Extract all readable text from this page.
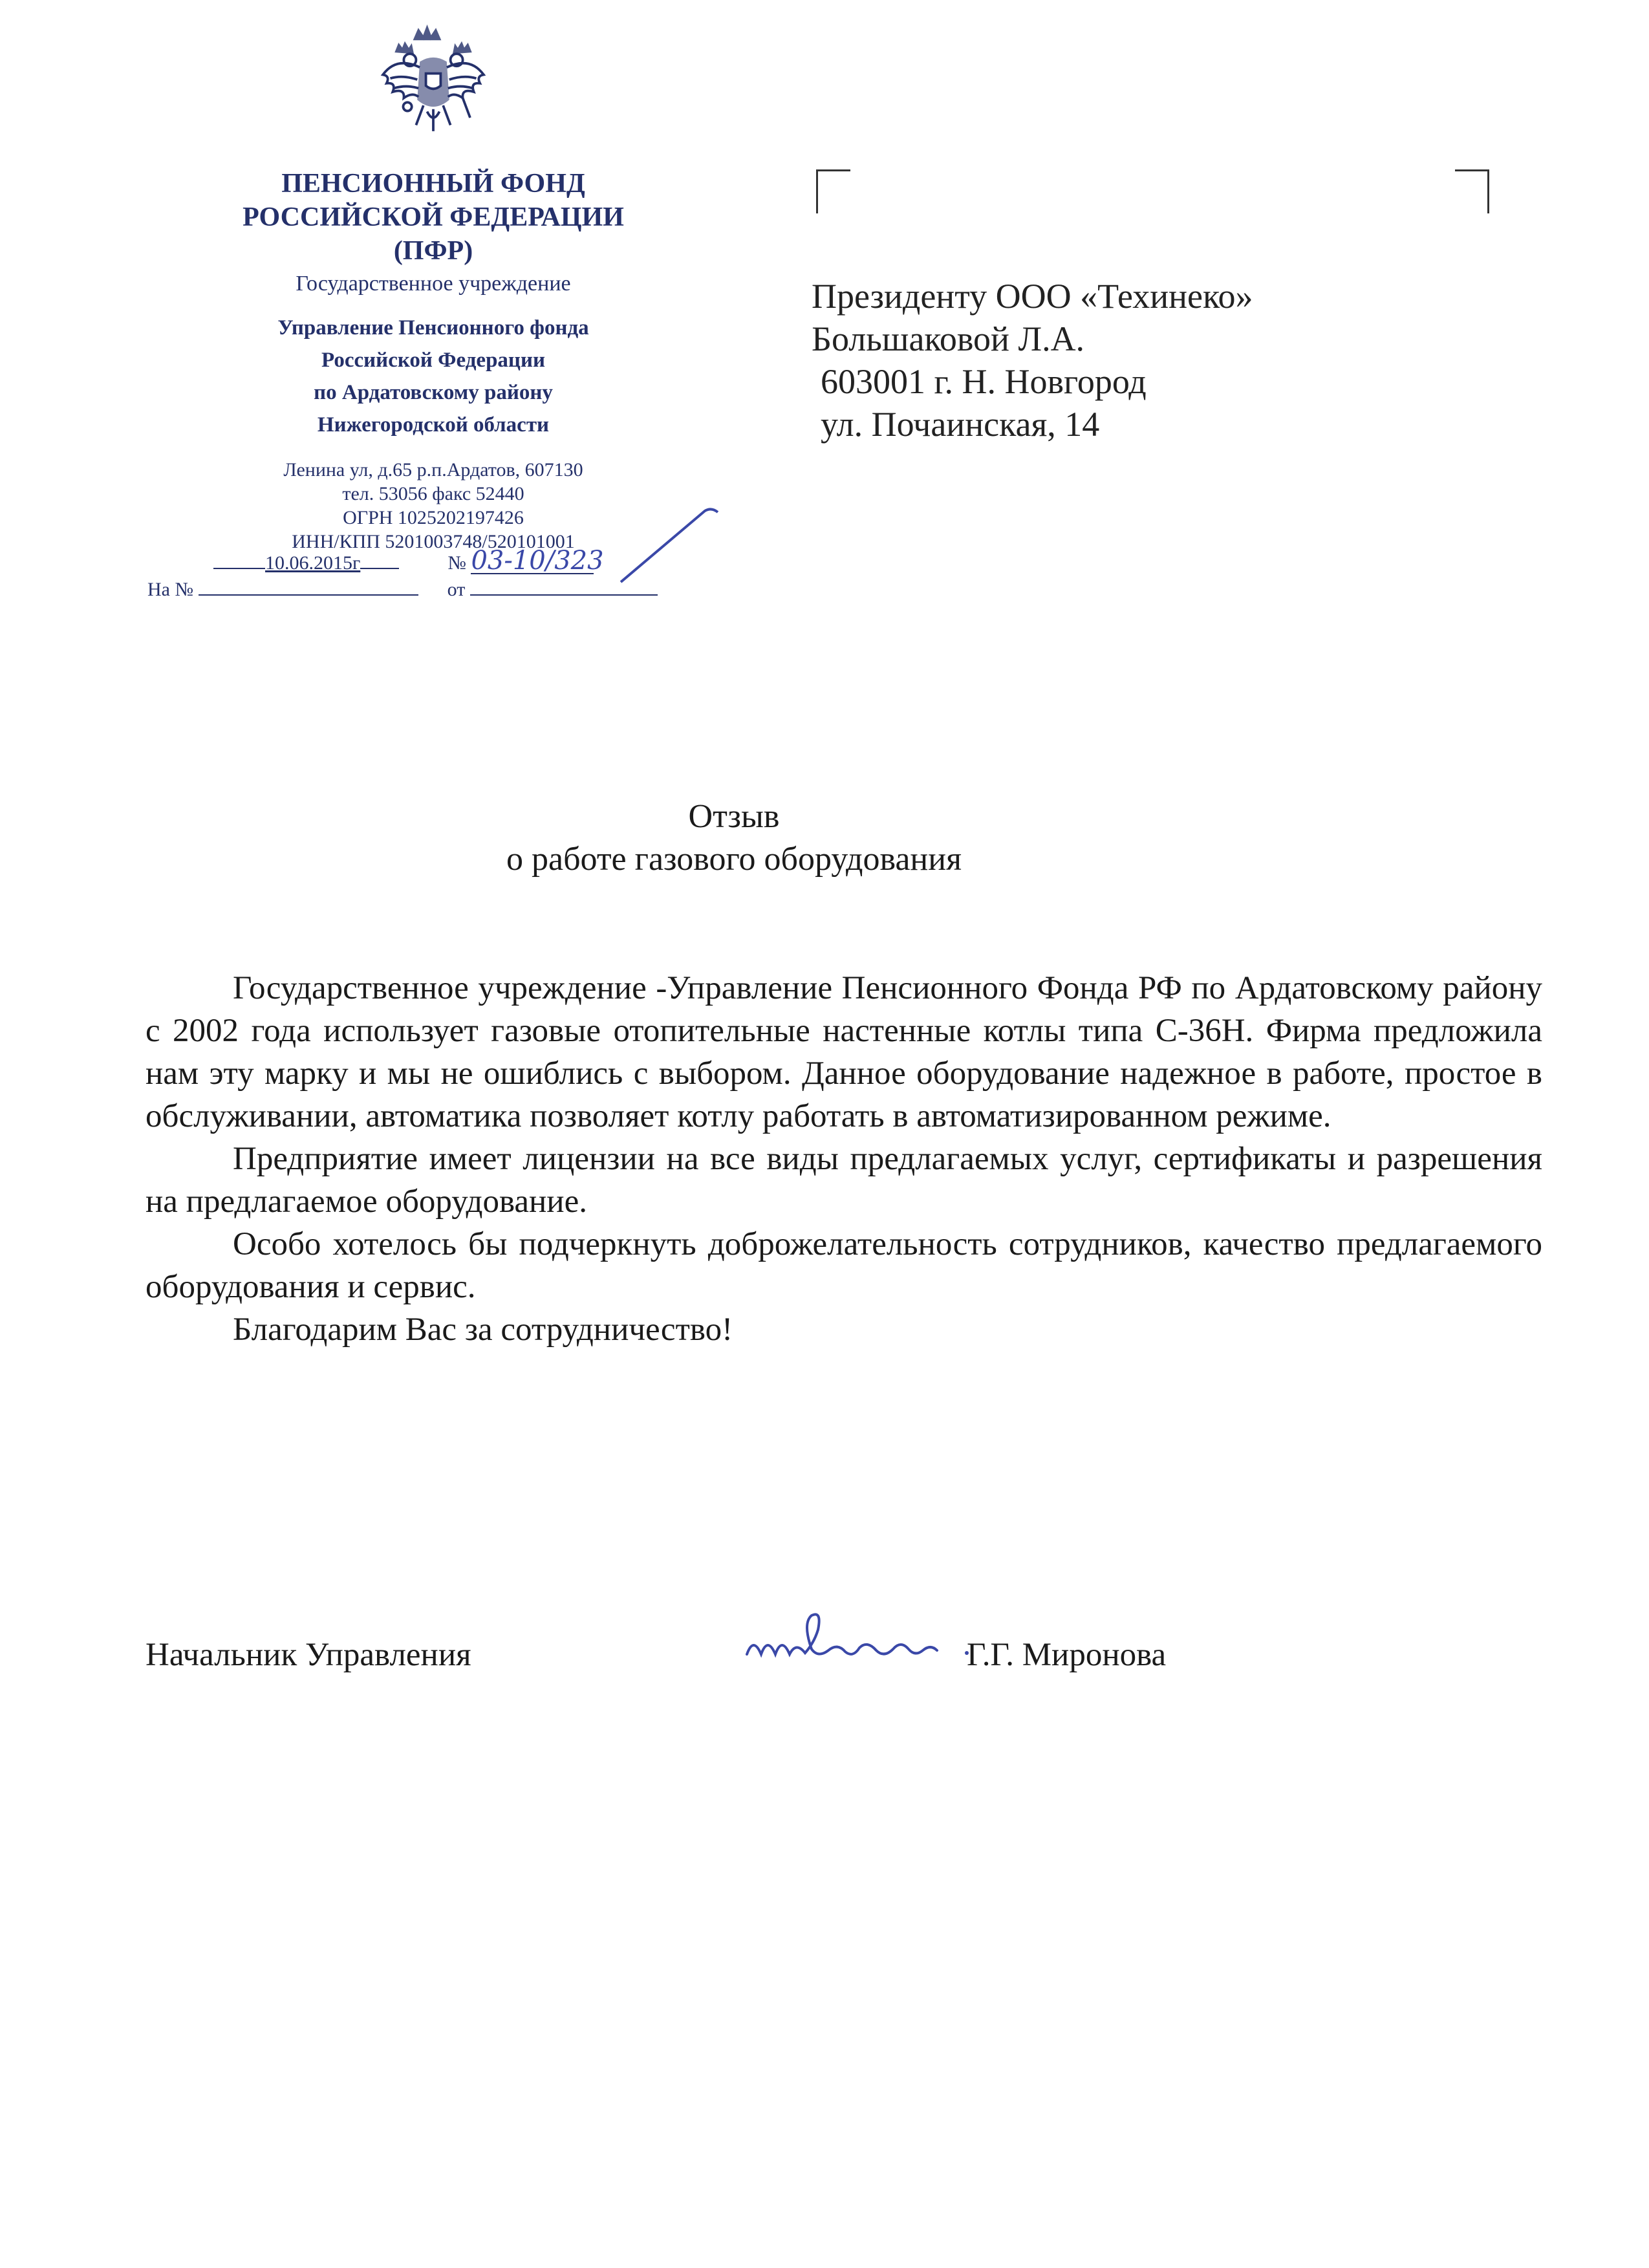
ПЕНСИОННЫЙ ФОНД
РОССИЙСКОЙ ФЕДЕРАЦИИ
(ПФР)
Государственное учреждение
Управление Пенсионного фонда
Российской Федерации
по Ардатовскому району
Нижегородской области
Ленина ул, д.65 р.п.Ардатов, 607130
тел. 53056 факс 52440
ОГРН 1025202197426
ИНН/КПП 5201003748/520101001
10.06.2015г	№ 03-10/323
На №	от
Президенту ООО «Техинеко»
Большаковой Л.А.
603001 г. Н. Новгород
ул. Почаинская, 14
Отзыв
о работе газового оборудования

Государственное учреждение -Управление Пенсионного Фонда РФ по Ардатовскому району с 2002 года использует газовые отопительные настенные котлы типа С-36Н. Фирма предложила нам эту марку и мы не ошиблись с выбором. Данное оборудование надежное в работе, простое в обслуживании, автоматика позволяет котлу работать в автоматизированном режиме.

Предприятие имеет лицензии на все виды предлагаемых услуг, сертификаты и разрешения на предлагаемое оборудование.

Особо хотелось бы подчеркнуть доброжелательность сотрудников, качество предлагаемого оборудования и сервис.

Благодарим Вас за сотрудничество!

Начальник Управления	Г.Г. Миронова
